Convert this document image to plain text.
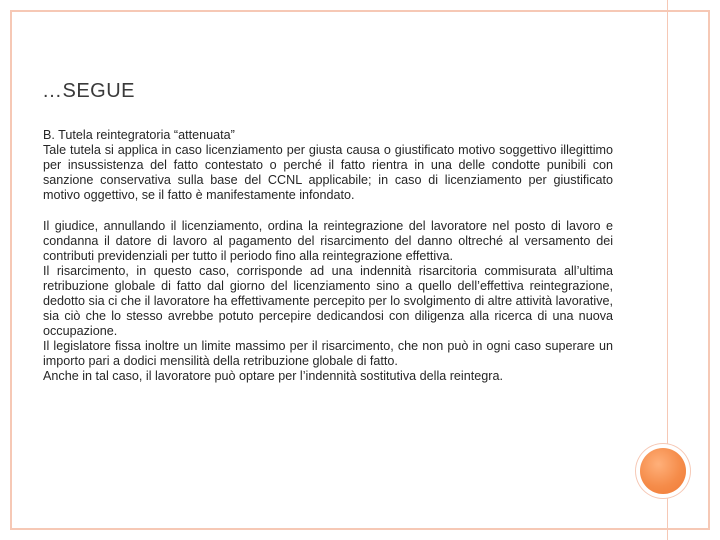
…SEGUE

B. Tutela reintegratoria “attenuata”

Tale tutela si applica in caso licenziamento per giusta causa o giustificato motivo soggettivo illegittimo per insussistenza del fatto contestato o perché il fatto rientra in una delle condotte punibili con sanzione conservativa sulla base del CCNL applicabile; in caso di licenziamento per giustificato motivo oggettivo, se il fatto è manifestamente infondato.

Il giudice, annullando il licenziamento, ordina la reintegrazione del lavoratore nel posto di lavoro e condanna il datore di lavoro al pagamento del risarcimento del danno oltreché al versamento dei contributi previdenziali per tutto il periodo fino alla reintegrazione effettiva.

Il risarcimento, in questo caso, corrisponde ad una indennità risarcitoria commisurata all’ultima retribuzione globale di fatto dal giorno del licenziamento sino a quello dell’effettiva reintegrazione, dedotto sia ci che il lavoratore ha effettivamente percepito per lo svolgimento di altre attività lavorative, sia ciò che lo stesso avrebbe potuto percepire dedicandosi con diligenza alla ricerca di una nuova occupazione.

Il legislatore fissa inoltre un limite massimo per il risarcimento, che non può in ogni caso superare un importo pari a dodici mensilità della retribuzione globale di fatto.

Anche in tal caso, il lavoratore può optare per l’indennità sostitutiva della reintegra.
